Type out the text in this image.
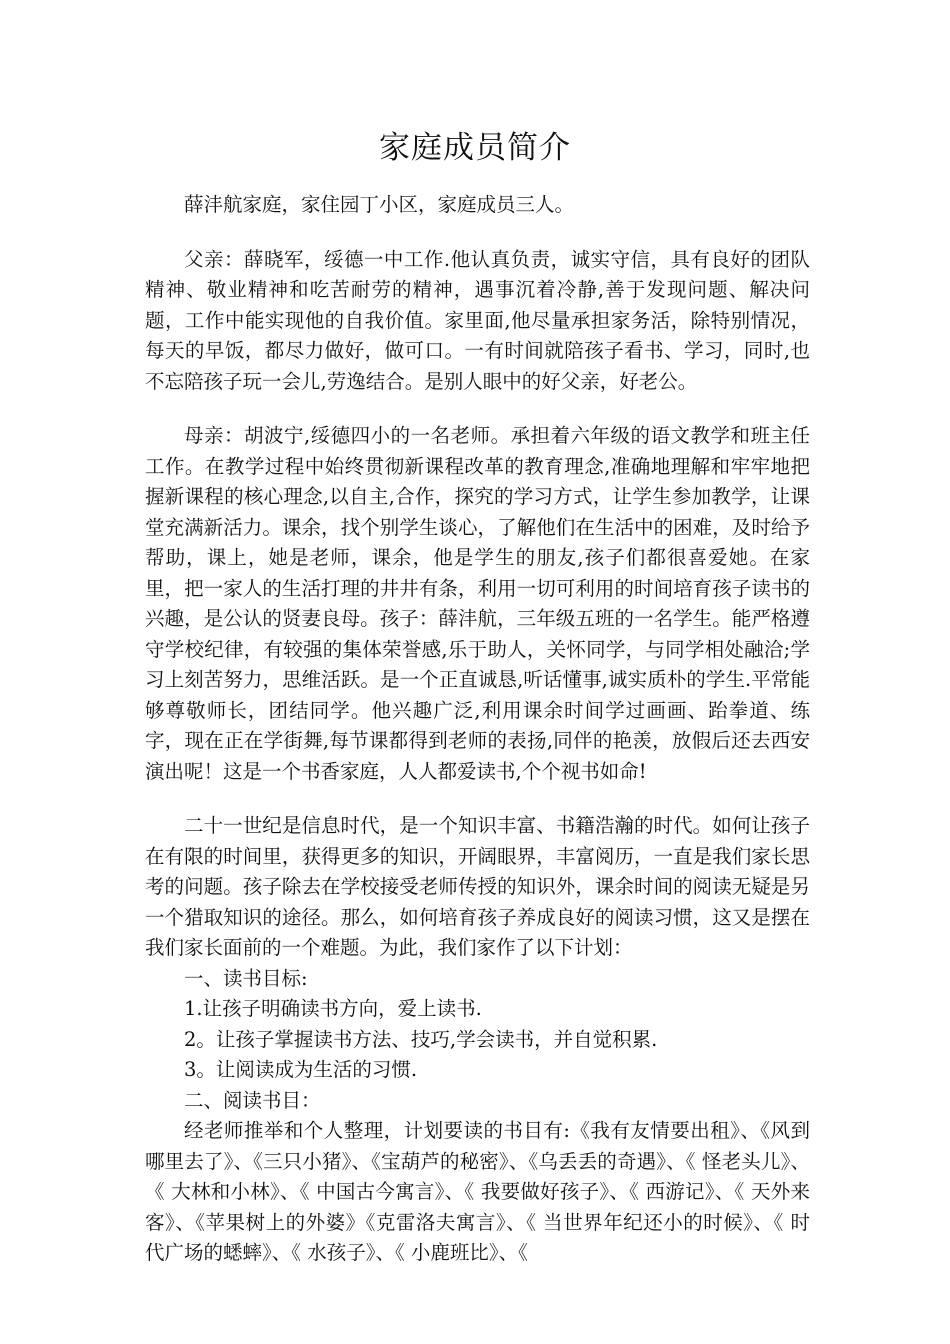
家庭成员简介

薛沣航家庭，家住园丁小区，家庭成员三人。

父亲：薛晓军，绥德一中工作.他认真负责，诚实守信，具有良好的团队精神、敬业精神和吃苦耐劳的精神，遇事沉着冷静,善于发现问题、解决问题，工作中能实现他的自我价值。家里面,他尽量承担家务活，除特别情况，每天的早饭，都尽力做好，做可口。一有时间就陪孩子看书、学习，同时,也不忘陪孩子玩一会儿,劳逸结合。是别人眼中的好父亲，好老公。

母亲：胡波宁,绥德四小的一名老师。承担着六年级的语文教学和班主任工作。在教学过程中始终贯彻新课程改革的教育理念,准确地理解和牢牢地把握新课程的核心理念,以自主,合作，探究的学习方式，让学生参加教学，让课堂充满新活力。课余，找个别学生谈心，了解他们在生活中的困难，及时给予帮助，课上，她是老师，课余，他是学生的朋友,孩子们都很喜爱她。在家里，把一家人的生活打理的井井有条，利用一切可利用的时间培育孩子读书的兴趣，是公认的贤妻良母。孩子：薛沣航，三年级五班的一名学生。能严格遵守学校纪律，有较强的集体荣誉感,乐于助人，关怀同学，与同学相处融洽;学习上刻苦努力，思维活跃。是一个正直诚恳,听话懂事,诚实质朴的学生.平常能够尊敬师长，团结同学。他兴趣广泛,利用课余时间学过画画、跆拳道、练字，现在正在学街舞,每节课都得到老师的表扬,同伴的艳羡，放假后还去西安演出呢！这是一个书香家庭，人人都爱读书,个个视书如命!

二十一世纪是信息时代，是一个知识丰富、书籍浩瀚的时代。如何让孩子在有限的时间里，获得更多的知识，开阔眼界，丰富阅历，一直是我们家长思考的问题。孩子除去在学校接受老师传授的知识外，课余时间的阅读无疑是另一个猎取知识的途径。那么，如何培育孩子养成良好的阅读习惯，这又是摆在我们家长面前的一个难题。为此，我们家作了以下计划：

一、读书目标:

1.让孩子明确读书方向，爱上读书.

2。让孩子掌握读书方法、技巧,学会读书，并自觉积累.

3。让阅读成为生活的习惯.

二、阅读书目：

经老师推举和个人整理，计划要读的书目有:《我有友情要出租》、《风到哪里去了》、《三只小猪》、《宝葫芦的秘密》、《乌丢丢的奇遇》、《 怪老头儿》、《 大林和小林》、《 中国古今寓言》、《 我要做好孩子》、《 西游记》、《 天外来客》、《苹果树上的外婆》《克雷洛夫寓言》、《 当世界年纪还小的时候》、《 时代广场的蟋蟀》、《 水孩子》、《 小鹿班比》、《
